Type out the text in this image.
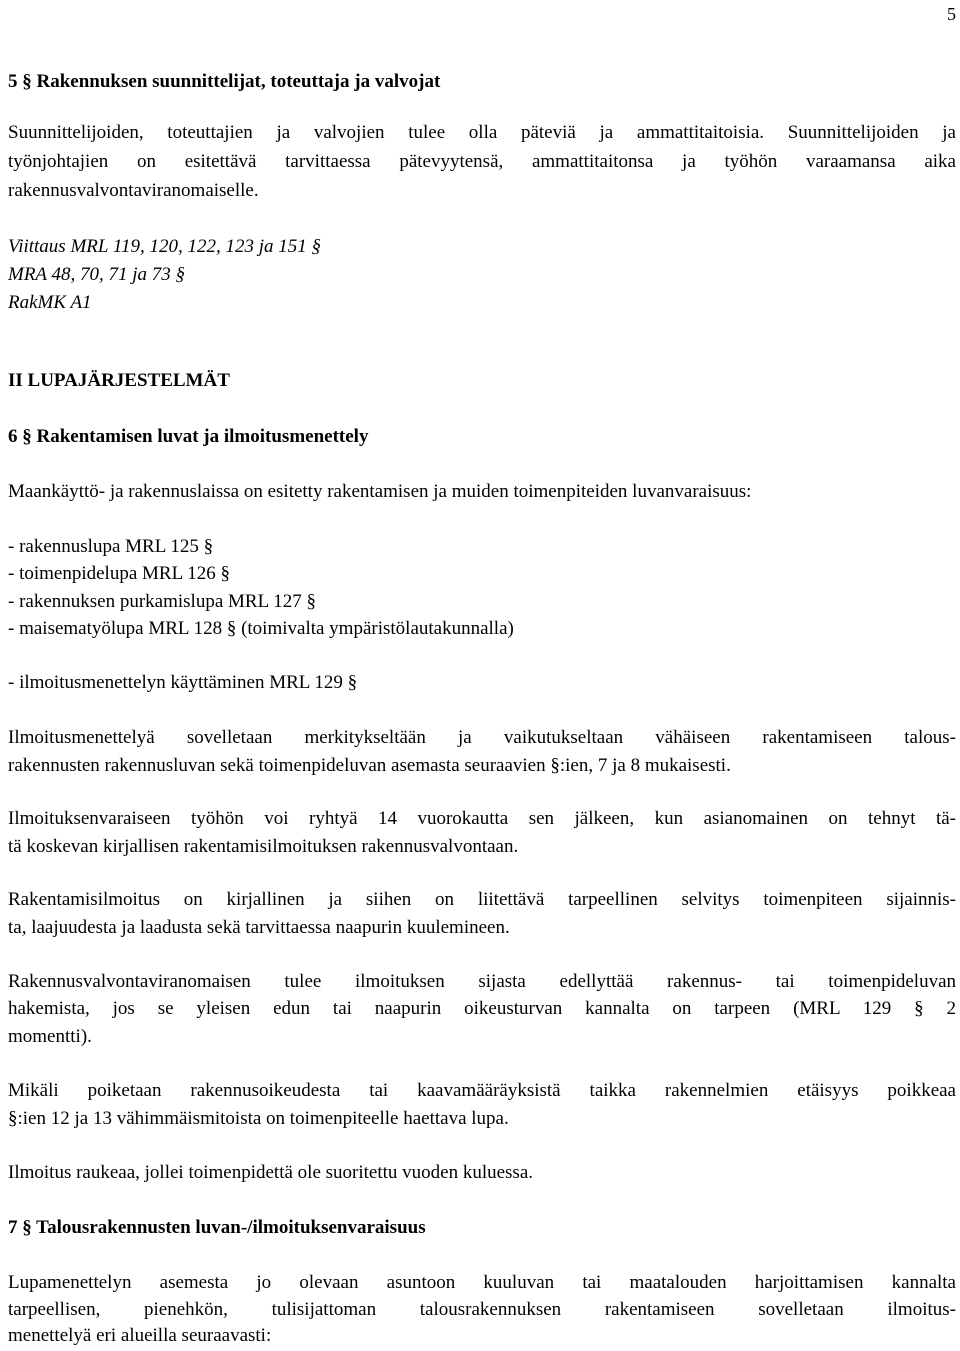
5

5 § Rakennuksen suunnittelijat, toteuttaja ja valvojat

Suunnittelijoiden, toteuttajien ja valvojien tulee olla päteviä ja ammattitaitoisia. Suunnittelijoiden ja

työnjohtajien on esitettävä tarvittaessa pätevyytensä, ammattitaitonsa ja työhön varaamansa aika

rakennusvalvontaviranomaiselle.

Viittaus MRL 119, 120, 122, 123 ja 151 §

MRA 48, 70, 71 ja 73 §

RakMK A1

II LUPAJÄRJESTELMÄT

6 § Rakentamisen luvat ja ilmoitusmenettely

Maankäyttö- ja rakennuslaissa on esitetty rakentamisen ja muiden toimenpiteiden luvanvaraisuus:

- rakennuslupa MRL 125 §

- toimenpidelupa MRL 126 §

- rakennuksen purkamislupa MRL 127 §

- maisematyölupa MRL 128 § (toimivalta ympäristölautakunnalla)

- ilmoitusmenettelyn käyttäminen MRL 129 §

Ilmoitusmenettelyä sovelletaan merkitykseltään ja vaikutukseltaan vähäiseen rakentamiseen talous-

rakennusten rakennusluvan sekä toimenpideluvan asemasta seuraavien §:ien, 7 ja 8 mukaisesti.

Ilmoituksenvaraiseen työhön voi ryhtyä 14 vuorokautta sen jälkeen, kun asianomainen on tehnyt tä-

tä koskevan kirjallisen rakentamisilmoituksen rakennusvalvontaan.

Rakentamisilmoitus on kirjallinen ja siihen on liitettävä tarpeellinen selvitys toimenpiteen sijainnis-

ta, laajuudesta ja laadusta sekä tarvittaessa naapurin kuulemineen.

Rakennusvalvontaviranomaisen tulee ilmoituksen sijasta edellyttää rakennus- tai toimenpideluvan

hakemista, jos se yleisen edun tai naapurin oikeusturvan kannalta on tarpeen (MRL 129 § 2

momentti).

Mikäli poiketaan rakennusoikeudesta tai kaavamääräyksistä taikka rakennelmien etäisyys poikkeaa

§:ien 12 ja 13 vähimmäismitoista on toimenpiteelle haettava lupa.

Ilmoitus raukeaa, jollei toimenpidettä ole suoritettu vuoden kuluessa.

7 § Talousrakennusten luvan-/ilmoituksenvaraisuus

Lupamenettelyn asemesta jo olevaan asuntoon kuuluvan tai maatalouden harjoittamisen kannalta

tarpeellisen, pienehkön, tulisijattoman talousrakennuksen rakentamiseen sovelletaan ilmoitus-

menettelyä eri alueilla seuraavasti:
